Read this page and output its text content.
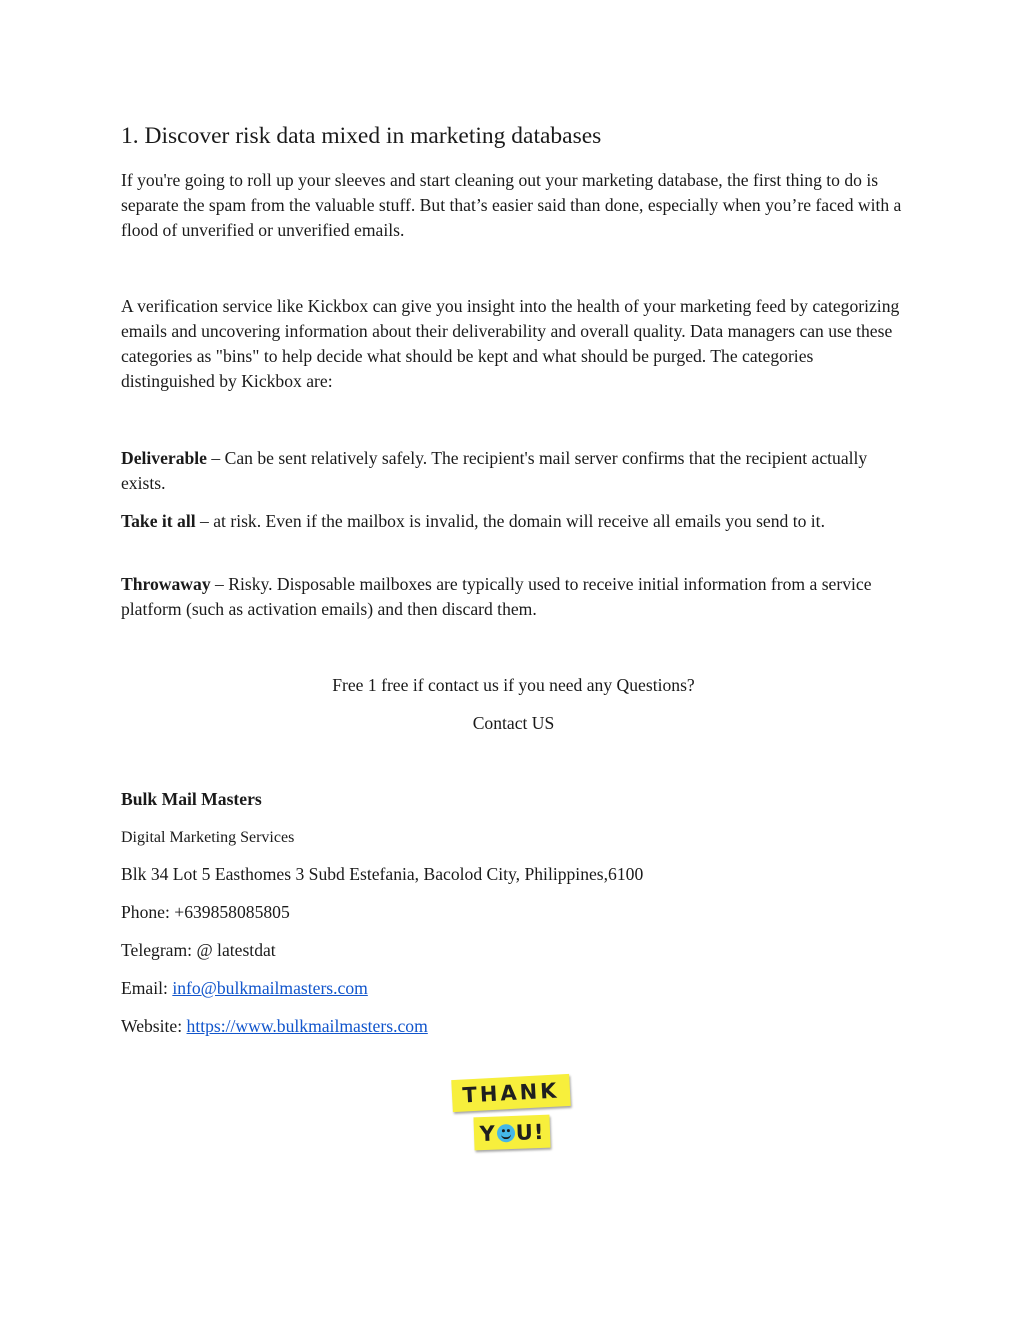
1. Discover risk data mixed in marketing databases

If you're going to roll up your sleeves and start cleaning out your marketing database, the first thing to do is separate the spam from the valuable stuff. But that’s easier said than done, especially when you’re faced with a flood of unverified or unverified emails.

A verification service like Kickbox can give you insight into the health of your marketing feed by categorizing emails and uncovering information about their deliverability and overall quality. Data managers can use these categories as "bins" to help decide what should be kept and what should be purged. The categories distinguished by Kickbox are:

Deliverable – Can be sent relatively safely. The recipient's mail server confirms that the recipient actually exists.

Take it all – at risk. Even if the mailbox is invalid, the domain will receive all emails you send to it.

Throwaway – Risky. Disposable mailboxes are typically used to receive initial information from a service platform (such as activation emails) and then discard them.

Free 1 free if contact us if you need any Questions?

Contact US

Bulk Mail Masters

Digital Marketing Services

Blk 34 Lot 5 Easthomes 3 Subd Estefania, Bacolod City, Philippines,6100

Phone: +639858085805

Telegram: @ latestdat

Email: info@bulkmailmasters.com

Website: https://www.bulkmailmasters.com

THANK
Y U!
